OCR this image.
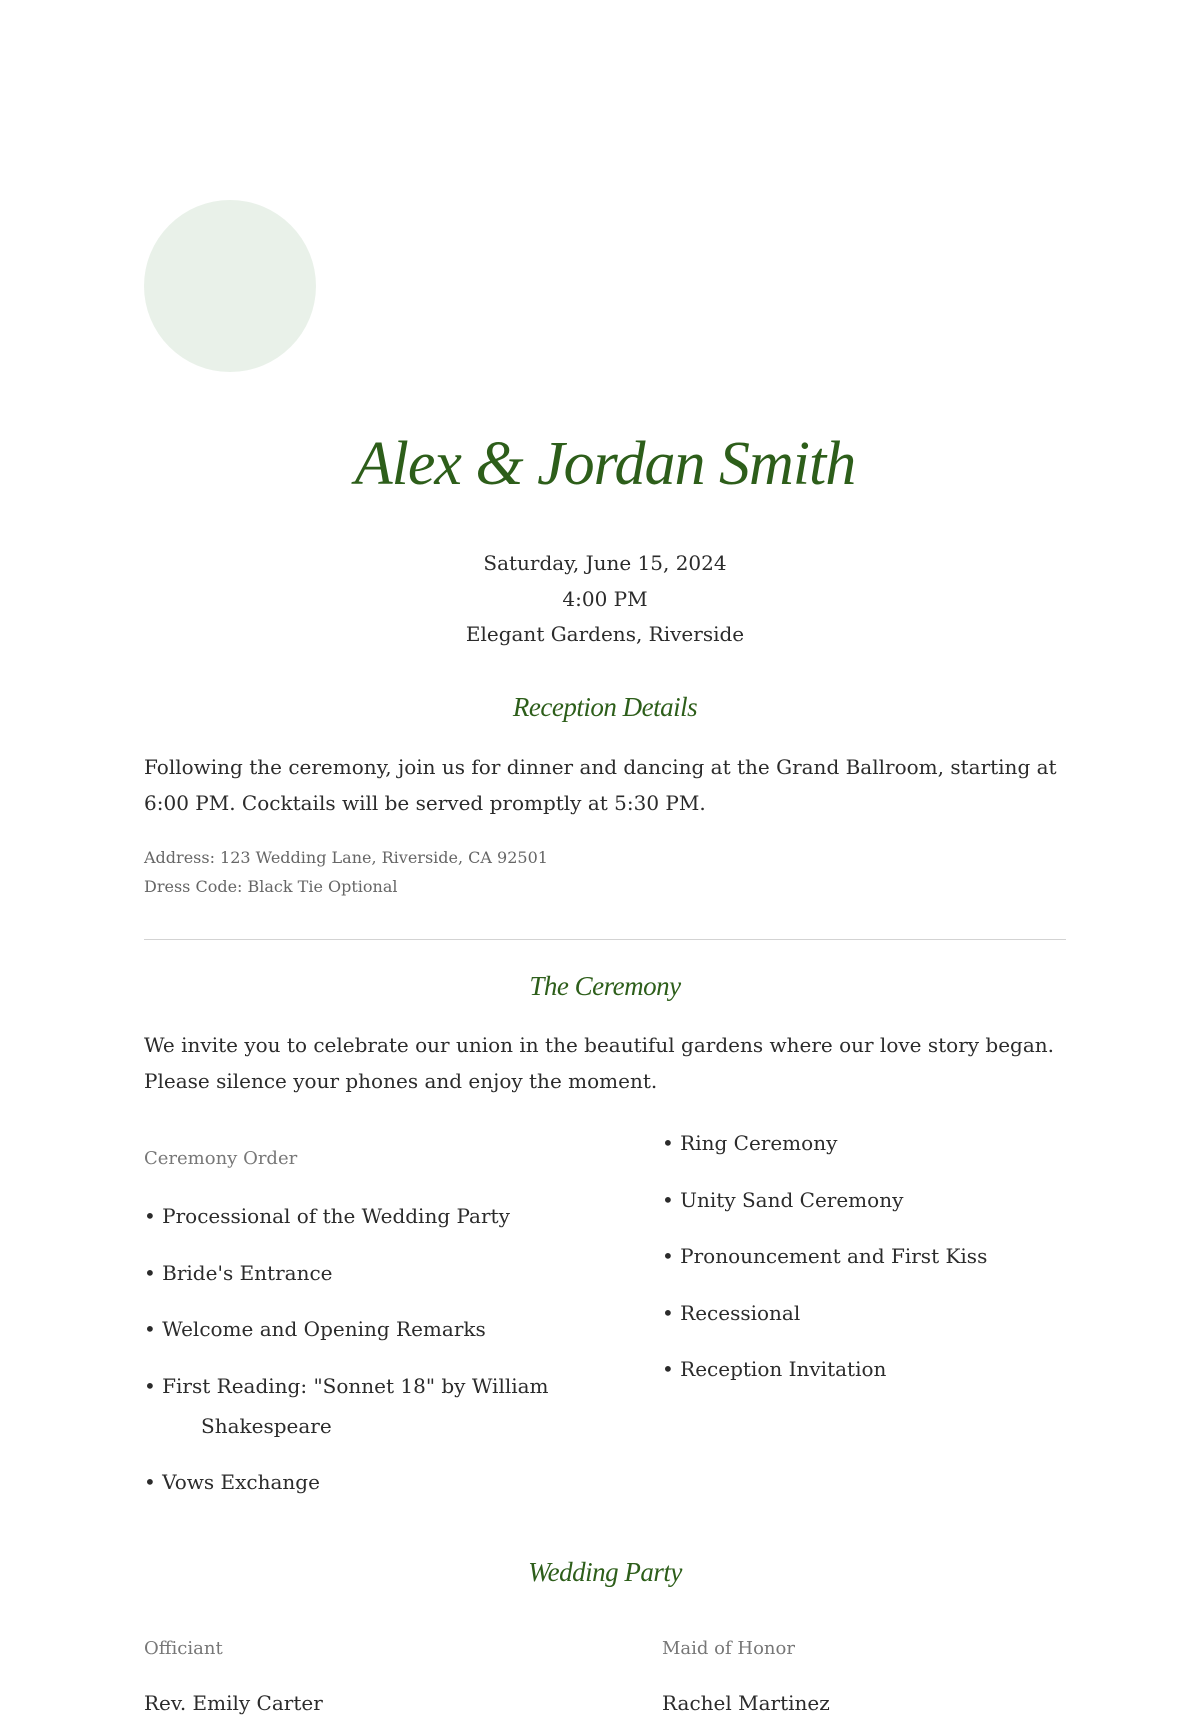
Alex & Jordan Smith
Saturday, June 15, 2024
4:00 PM
Elegant Gardens, Riverside
Reception Details
Following the ceremony, join us for dinner and dancing at the Grand Ballroom, starting at 6:00 PM. Cocktails will be served promptly at 5:30 PM.
Address: 123 Wedding Lane, Riverside, CA 92501
Dress Code: Black Tie Optional
The Ceremony
We invite you to celebrate our union in the beautiful gardens where our love story began. Please silence your phones and enjoy the moment.
Ceremony Order
• Processional of the Wedding Party
• Bride's Entrance
• Welcome and Opening Remarks
• First Reading: "Sonnet 18" by William
Shakespeare
• Vows Exchange
• Ring Ceremony
• Unity Sand Ceremony
• Pronouncement and First Kiss
• Recessional
• Reception Invitation
Wedding Party
Officiant	Maid of Honor
Rev. Emily Carter	Rachel Martinez
